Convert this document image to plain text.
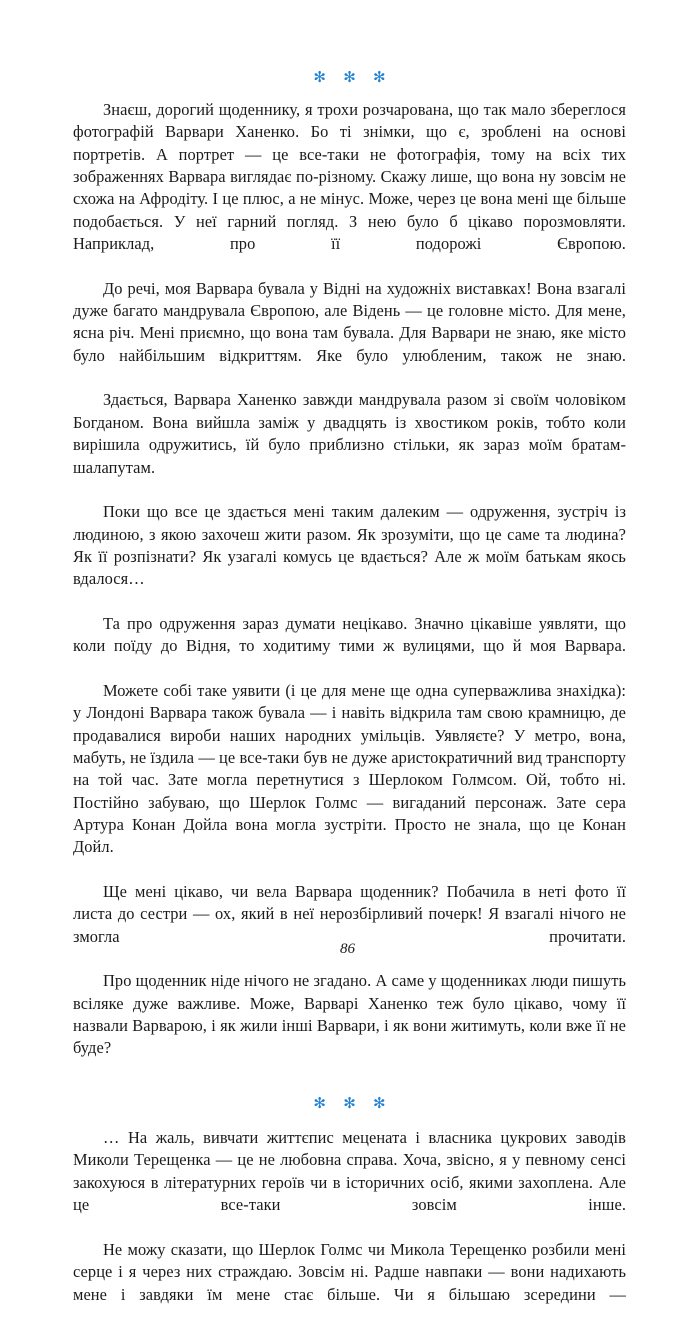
✻ ✻ ✻

Знаєш, дорогий щоденнику, я трохи розчарована, що так мало збереглося фотографій Варвари Ханенко. Бо ті знімки, що є, зроблені на основі портретів. А портрет — це все-таки не фотографія, тому на всіх тих зображеннях Варвара виглядає по-різному. Скажу лише, що вона ну зовсім не схожа на Афродіту. І це плюс, а не мінус. Може, через це вона мені ще більше подобається. У неї гарний погляд. З нею було б цікаво порозмовляти. Наприклад, про її подорожі Європою.

До речі, моя Варвара бувала у Відні на художніх виставках! Вона взагалі дуже багато мандрувала Європою, але Відень — це головне місто. Для мене, ясна річ. Мені приємно, що вона там бувала. Для Варвари не знаю, яке місто було найбільшим відкриттям. Яке було улюбленим, також не знаю.

Здається, Варвара Ханенко завжди мандрувала разом зі своїм чоловіком Богданом. Вона вийшла заміж у двадцять із хвостиком років, тобто коли вирішила одружитись, їй було приблизно стільки, як зараз моїм братам-шалапутам.

Поки що все це здається мені таким далеким — одруження, зустріч із людиною, з якою захочеш жити разом. Як зрозуміти, що це саме та людина? Як її розпізнати? Як узагалі комусь це вдається? Але ж моїм батькам якось вдалося…

Та про одруження зараз думати нецікаво. Значно цікавіше уявляти, що коли поїду до Відня, то ходитиму тими ж вулицями, що й моя Варвара.

Можете собі таке уявити (і це для мене ще одна суперважлива знахідка): у Лондоні Варвара також бувала — і навіть відкрила там свою крамницю, де продавалися вироби наших народних умільців. Уявляєте? У метро, вона, мабуть, не їздила — це все-таки був не дуже аристократичний вид транспорту на той час. Зате могла перетнутися з Шерлоком Голмсом. Ой, тобто ні. Постійно забуваю, що Шерлок Голмс — вигаданий персонаж. Зате сера Артура Конан Дойла вона могла зустріти. Просто не знала, що це Конан Дойл.

Ще мені цікаво, чи вела Варвара щоденник? Побачила в неті фото її листа до сестри — ох, який в неї нерозбірливий почерк! Я взагалі нічого не змогла прочитати.

Про щоденник ніде нічого не згадано. А саме у щоденниках люди пишуть всіляке дуже важливе. Може, Варварі Ханенко теж було цікаво, чому її назвали Варварою, і як жили інші Варвари, і як вони житимуть, коли вже її не буде?

✻ ✻ ✻

… На жаль, вивчати життєпис мецената і власника цукрових заводів Миколи Терещенка — це не любовна справа. Хоча, звісно, я у певному сенсі закохуюся в літературних героїв чи в історичних осіб, якими захоплена. Але це все-таки зовсім інше.

Не можу сказати, що Шерлок Голмс чи Микола Терещенко розбили мені серце і я через них страждаю. Зовсім ні. Радше навпаки — вони надихають мене і завдяки їм мене стає більше. Чи я більшаю зсередини —

86
